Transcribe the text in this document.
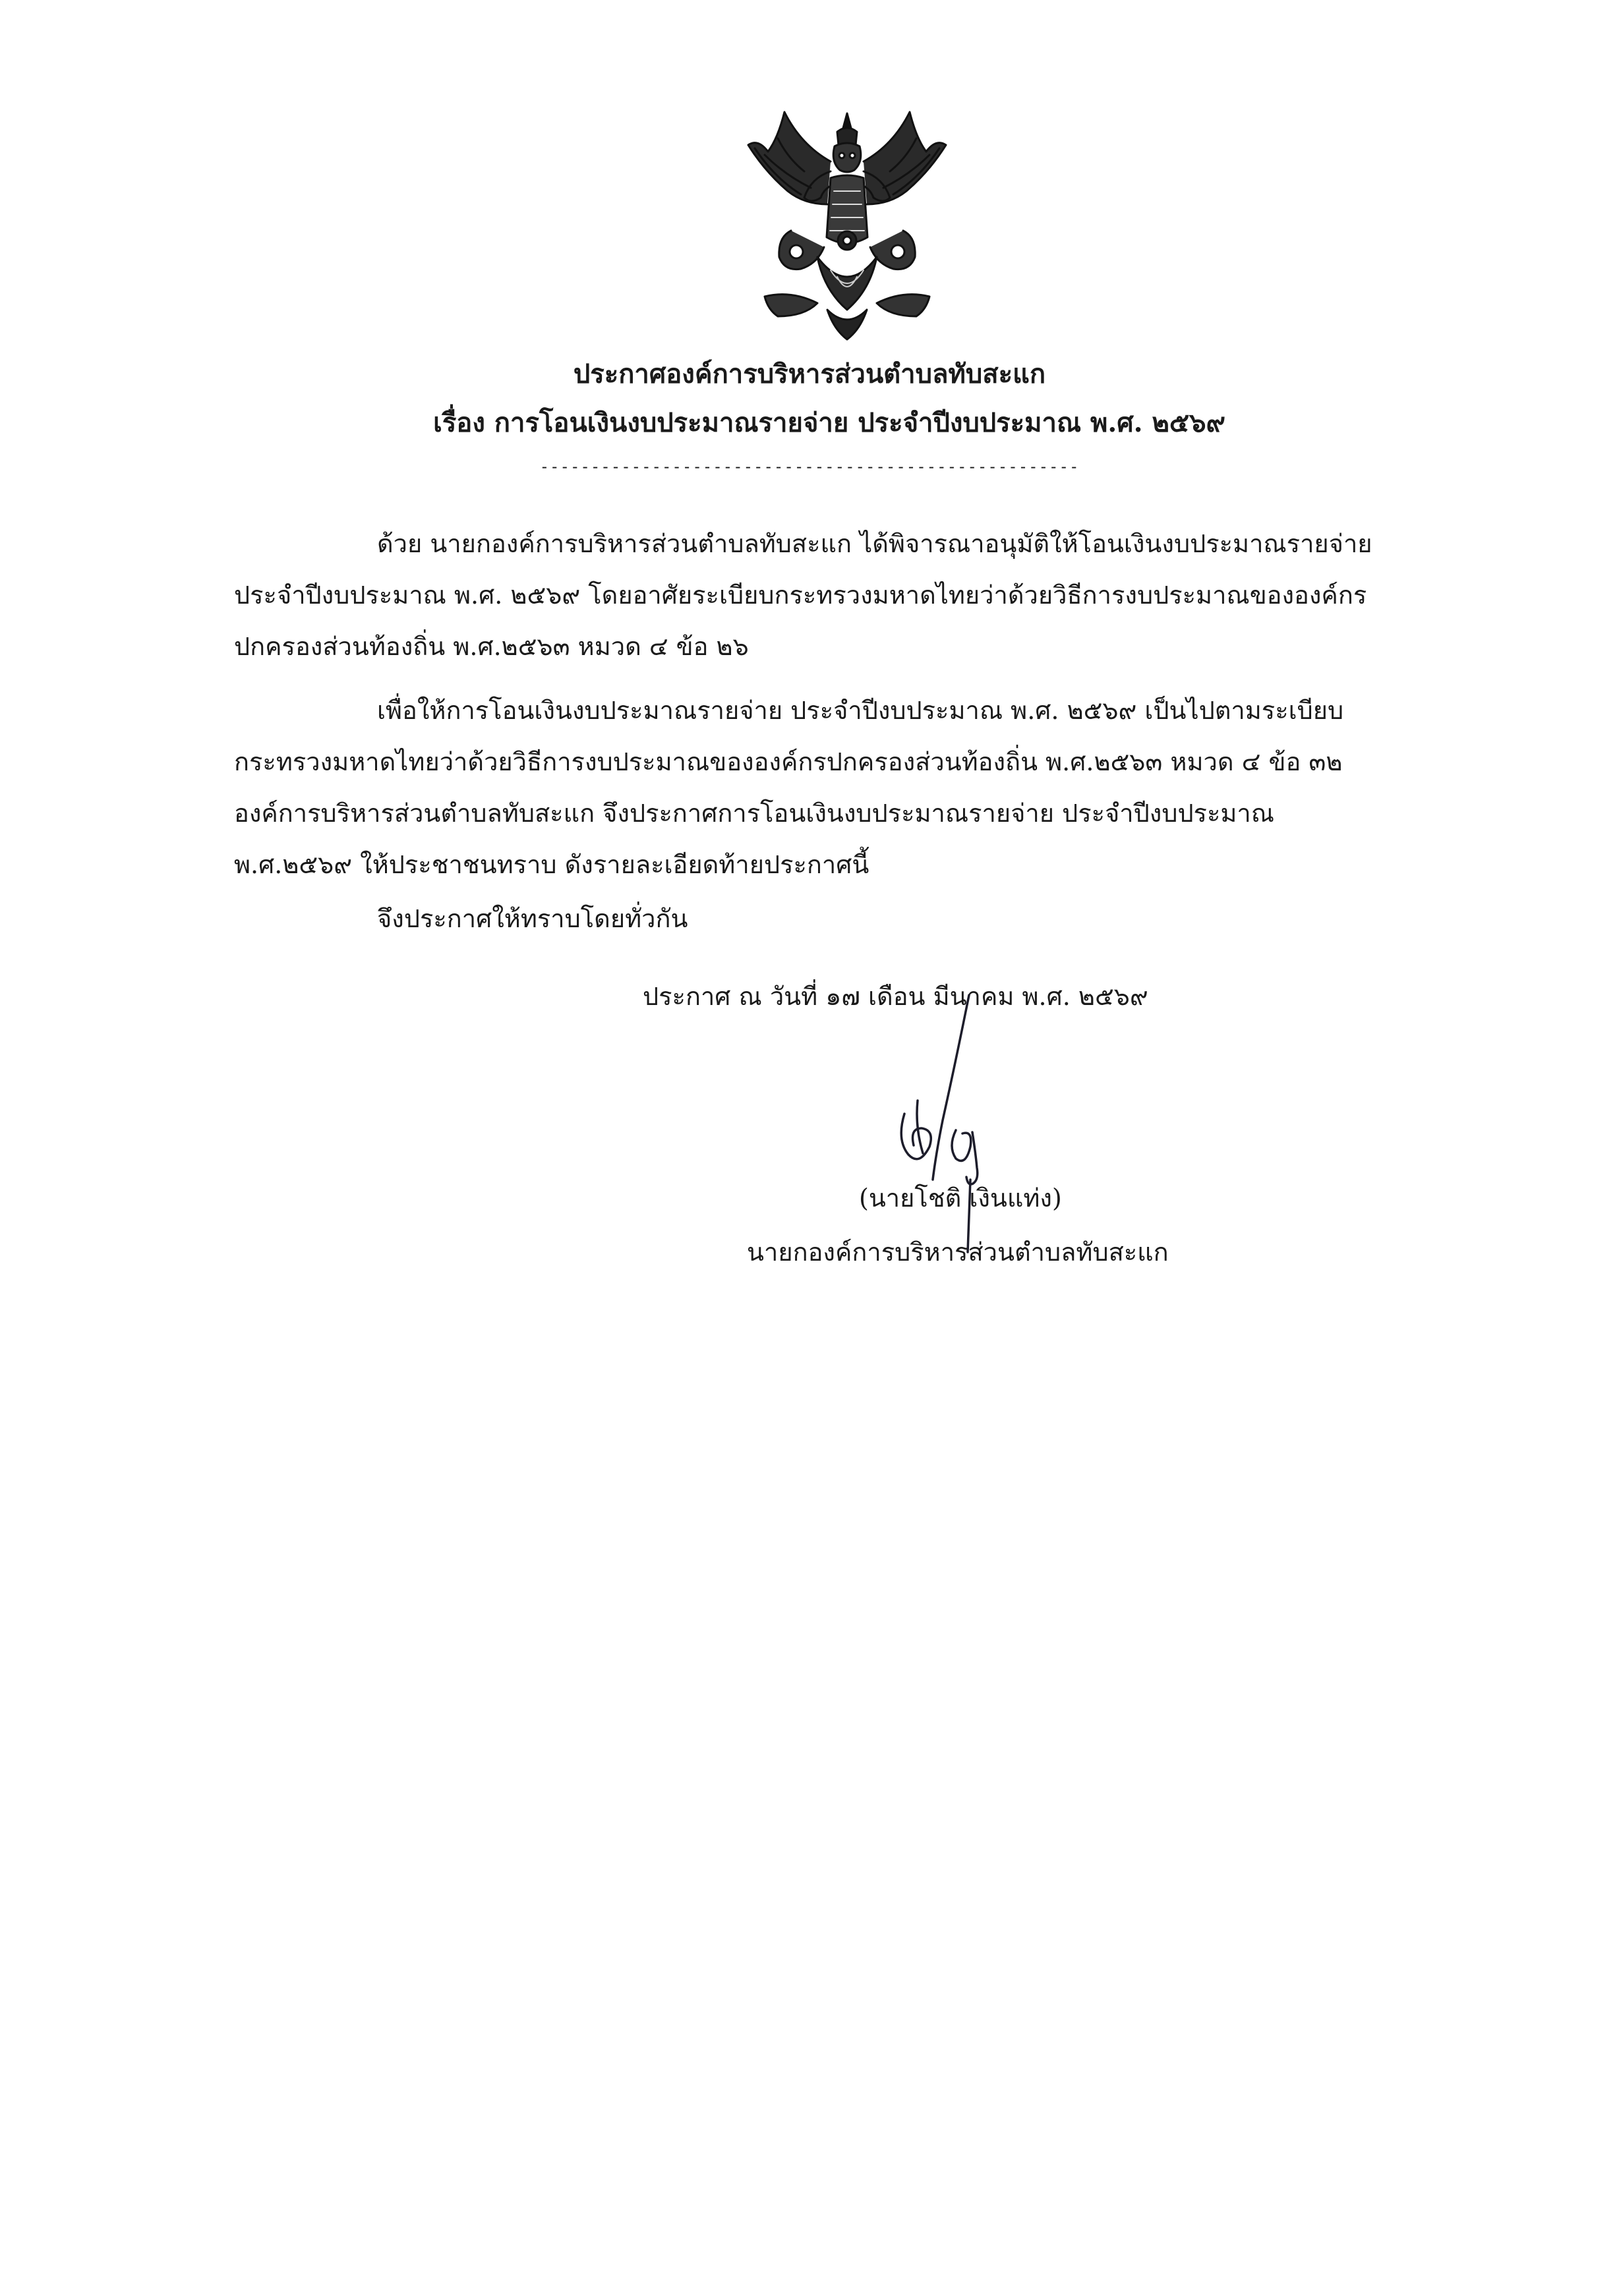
ประกาศองค์การบริหารส่วนตำบลทับสะแก
เรื่อง การโอนเงินงบประมาณรายจ่าย ประจำปีงบประมาณ พ.ศ. ๒๕๖๙
-----------------------------------------------------
ด้วย นายกองค์การบริหารส่วนตำบลทับสะแก ได้พิจารณาอนุมัติให้โอนเงินงบประมาณรายจ่าย
ประจำปีงบประมาณ พ.ศ. ๒๕๖๙ โดยอาศัยระเบียบกระทรวงมหาดไทยว่าด้วยวิธีการงบประมาณขององค์กร
ปกครองส่วนท้องถิ่น พ.ศ.๒๕๖๓ หมวด ๔ ข้อ ๒๖
เพื่อให้การโอนเงินงบประมาณรายจ่าย ประจำปีงบประมาณ พ.ศ. ๒๕๖๙ เป็นไปตามระเบียบ
กระทรวงมหาดไทยว่าด้วยวิธีการงบประมาณขององค์กรปกครองส่วนท้องถิ่น พ.ศ.๒๕๖๓ หมวด ๔ ข้อ ๓๒
องค์การบริหารส่วนตำบลทับสะแก จึงประกาศการโอนเงินงบประมาณรายจ่าย ประจำปีงบประมาณ
พ.ศ.๒๕๖๙ ให้ประชาชนทราบ ดังรายละเอียดท้ายประกาศนี้
จึงประกาศให้ทราบโดยทั่วกัน
ประกาศ ณ วันที่ ๑๗ เดือน มีนาคม พ.ศ. ๒๕๖๙
(นายโชติ เงินแท่ง)
นายกองค์การบริหารส่วนตำบลทับสะแก
